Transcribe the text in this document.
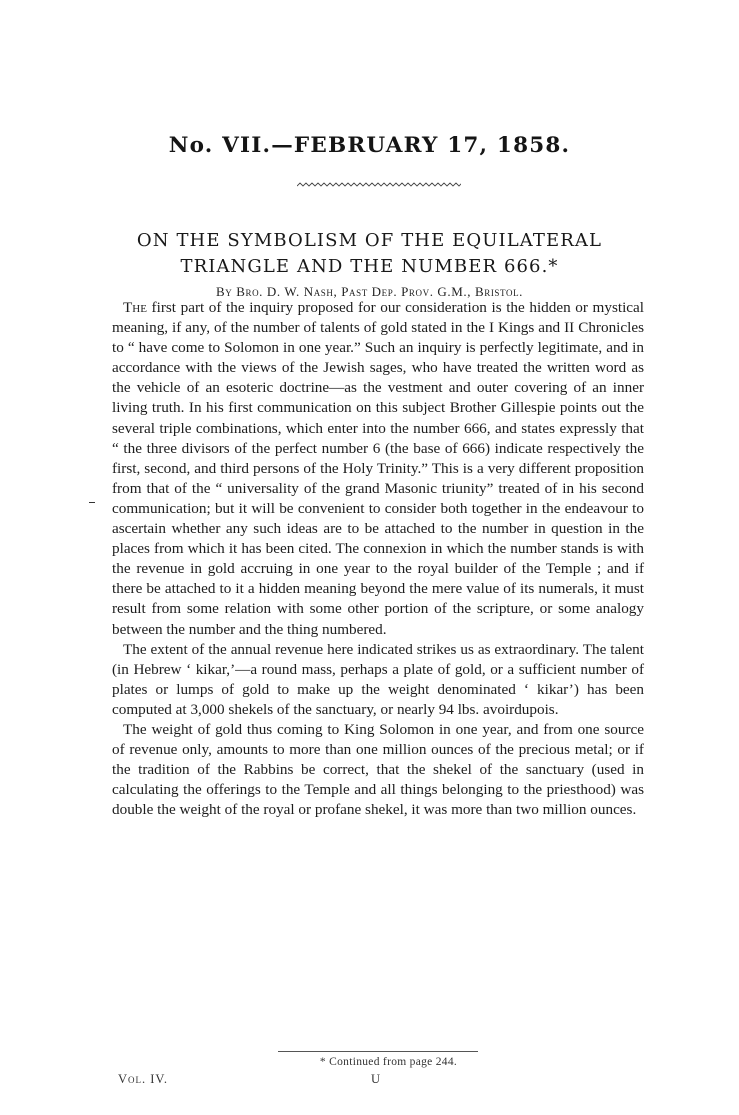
No. VII.—FEBRUARY 17, 1858.
ON THE SYMBOLISM OF THE EQUILATERAL
TRIANGLE AND THE NUMBER 666.*
By Bro. D. W. Nash, Past Dep. Prov. G.M., Bristol.

The first part of the inquiry proposed for our consideration is the hidden or mystical meaning, if any, of the number of talents of gold stated in the I Kings and II Chronicles to “ have come to Solomon in one year.” Such an inquiry is perfectly legitimate, and in accordance with the views of the Jewish sages, who have treated the written word as the vehicle of an esoteric doctrine—as the vestment and outer covering of an inner living truth. In his first communication on this subject Brother Gillespie points out the several triple combinations, which enter into the number 666, and states expressly that “ the three divisors of the perfect number 6 (the base of 666) indicate respectively the first, second, and third persons of the Holy Trinity.” This is a very different proposition from that of the “ universality of the grand Masonic triunity” treated of in his second communication; but it will be convenient to consider both together in the endeavour to ascertain whether any such ideas are to be attached to the number in question in the places from which it has been cited. The connexion in which the number stands is with the revenue in gold accruing in one year to the royal builder of the Temple ; and if there be attached to it a hidden meaning beyond the mere value of its numerals, it must result from some relation with some other portion of the scripture, or some analogy between the number and the thing numbered.

The extent of the annual revenue here indicated strikes us as extraordinary. The talent (in Hebrew ‘ kikar,’—a round mass, perhaps a plate of gold, or a sufficient number of plates or lumps of gold to make up the weight denominated ‘ kikar’) has been computed at 3,000 shekels of the sanctuary, or nearly 94 lbs. avoirdupois.

The weight of gold thus coming to King Solomon in one year, and from one source of revenue only, amounts to more than one million ounces of the precious metal; or if the tradition of the Rabbins be correct, that the shekel of the sanctuary (used in calculating the offerings to the Temple and all things belonging to the priesthood) was double the weight of the royal or profane shekel, it was more than two million ounces.

* Continued from page 244.
Vol. IV.	U
